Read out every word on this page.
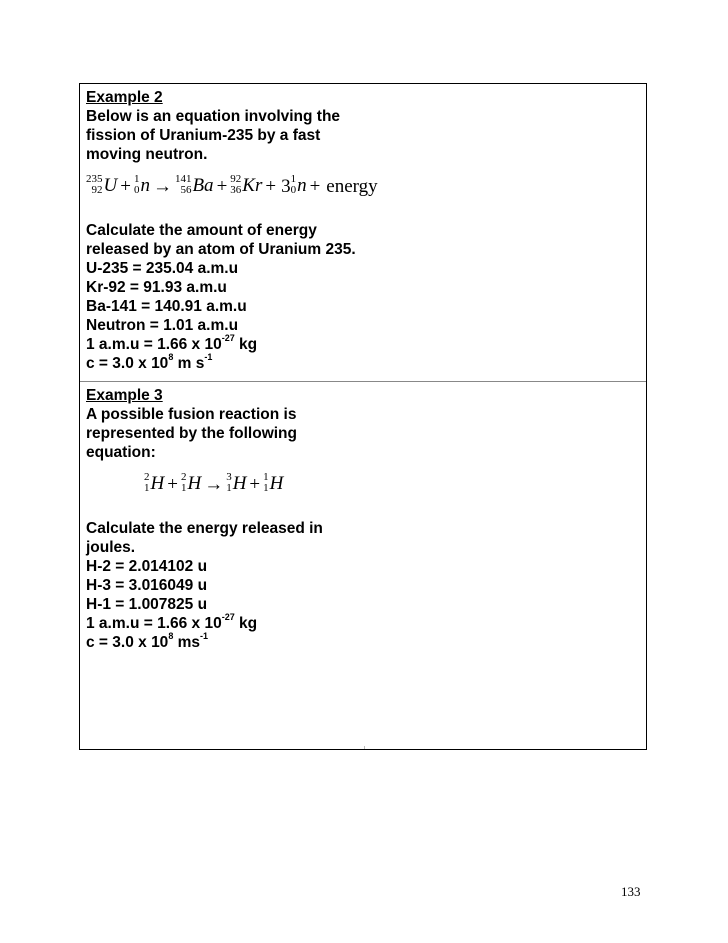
Example 2
Below is an equation involving the
fission of Uranium-235 by a fast
moving neutron.
235
92 U + 1
0 n → 141
56 Ba + 92
36 Kr + 3 1
0 n + energy
Calculate the amount of energy
released by an atom of Uranium 235.
U-235 = 235.04 a.m.u
Kr-92 = 91.93 a.m.u
Ba-141 = 140.91 a.m.u
Neutron = 1.01 a.m.u
1 a.m.u = 1.66 x $10^{-27}$ kg
c = 3.0 x $10^8$ m $s^{-1}$
Example 3
A possible fusion reaction is
represented by the following
equation:
2
1 H + 2
1 H → 3
1 H + 1
1 H
Calculate the energy released in
joules.
H-2 = 2.014102 u
H-3 = 3.016049 u
H-1 = 1.007825 u
1 a.m.u = 1.66 x $10^{-27}$ kg
c = 3.0 x $10^8$ $ms^{-1}$
133
